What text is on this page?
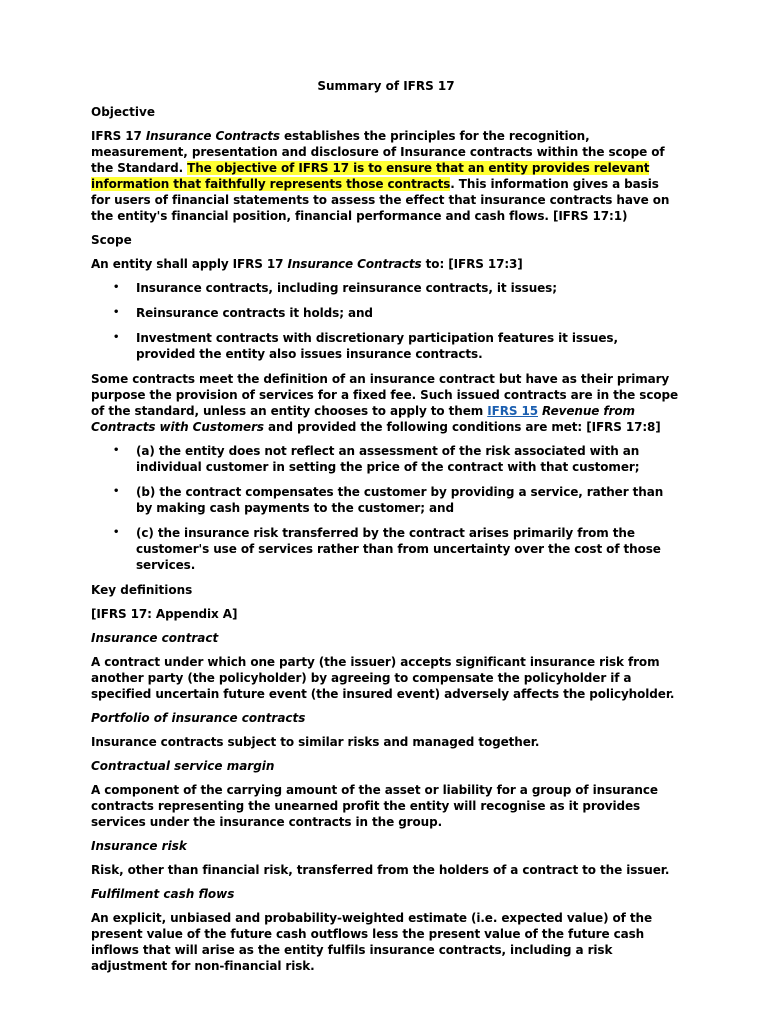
Summary of IFRS 17
Objective

IFRS 17 Insurance Contracts establishes the principles for the recognition, measurement, presentation and disclosure of Insurance contracts within the scope of the Standard. The objective of IFRS 17 is to ensure that an entity provides relevant information that faithfully represents those contracts. This information gives a basis for users of financial statements to assess the effect that insurance contracts have on the entity's financial position, financial performance and cash flows. [IFRS 17:1)

Scope

An entity shall apply IFRS 17 Insurance Contracts to: [IFRS 17:3]

• Insurance contracts, including reinsurance contracts, it issues;
• Reinsurance contracts it holds; and
• Investment contracts with discretionary participation features it issues, provided the entity also issues insurance contracts.

Some contracts meet the definition of an insurance contract but have as their primary purpose the provision of services for a fixed fee. Such issued contracts are in the scope of the standard, unless an entity chooses to apply to them IFRS 15 Revenue from Contracts with Customers and provided the following conditions are met: [IFRS 17:8]

• (a) the entity does not reflect an assessment of the risk associated with an individual customer in setting the price of the contract with that customer;
• (b) the contract compensates the customer by providing a service, rather than by making cash payments to the customer; and
• (c) the insurance risk transferred by the contract arises primarily from the customer's use of services rather than from uncertainty over the cost of those services.
Key definitions

[IFRS 17: Appendix A]

Insurance contract

A contract under which one party (the issuer) accepts significant insurance risk from another party (the policyholder) by agreeing to compensate the policyholder if a specified uncertain future event (the insured event) adversely affects the policyholder.

Portfolio of insurance contracts

Insurance contracts subject to similar risks and managed together.

Contractual service margin

A component of the carrying amount of the asset or liability for a group of insurance contracts representing the unearned profit the entity will recognise as it provides services under the insurance contracts in the group.

Insurance risk

Risk, other than financial risk, transferred from the holders of a contract to the issuer.

Fulfilment cash flows

An explicit, unbiased and probability-weighted estimate (i.e. expected value) of the present value of the future cash outflows less the present value of the future cash inflows that will arise as the entity fulfils insurance contracts, including a risk adjustment for non-financial risk.
